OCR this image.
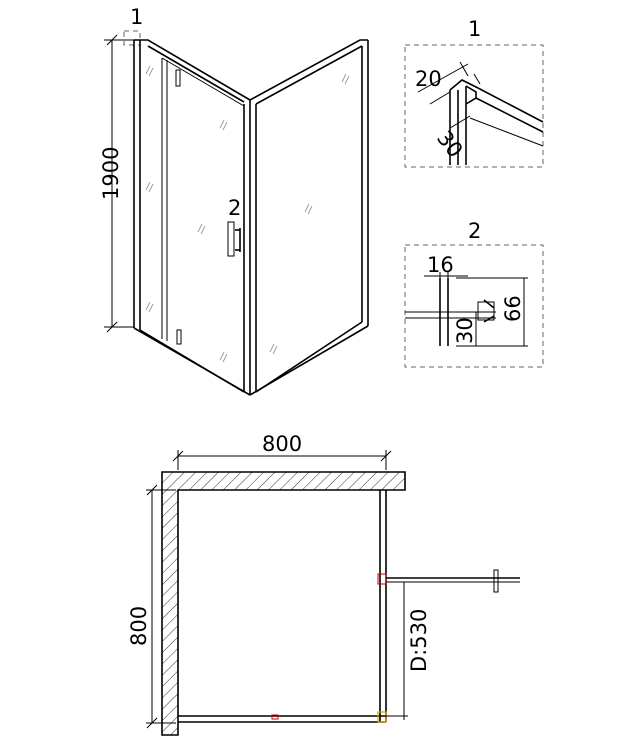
1
1900
2
1
20
30
2
16
66
30
800
800	D:530
